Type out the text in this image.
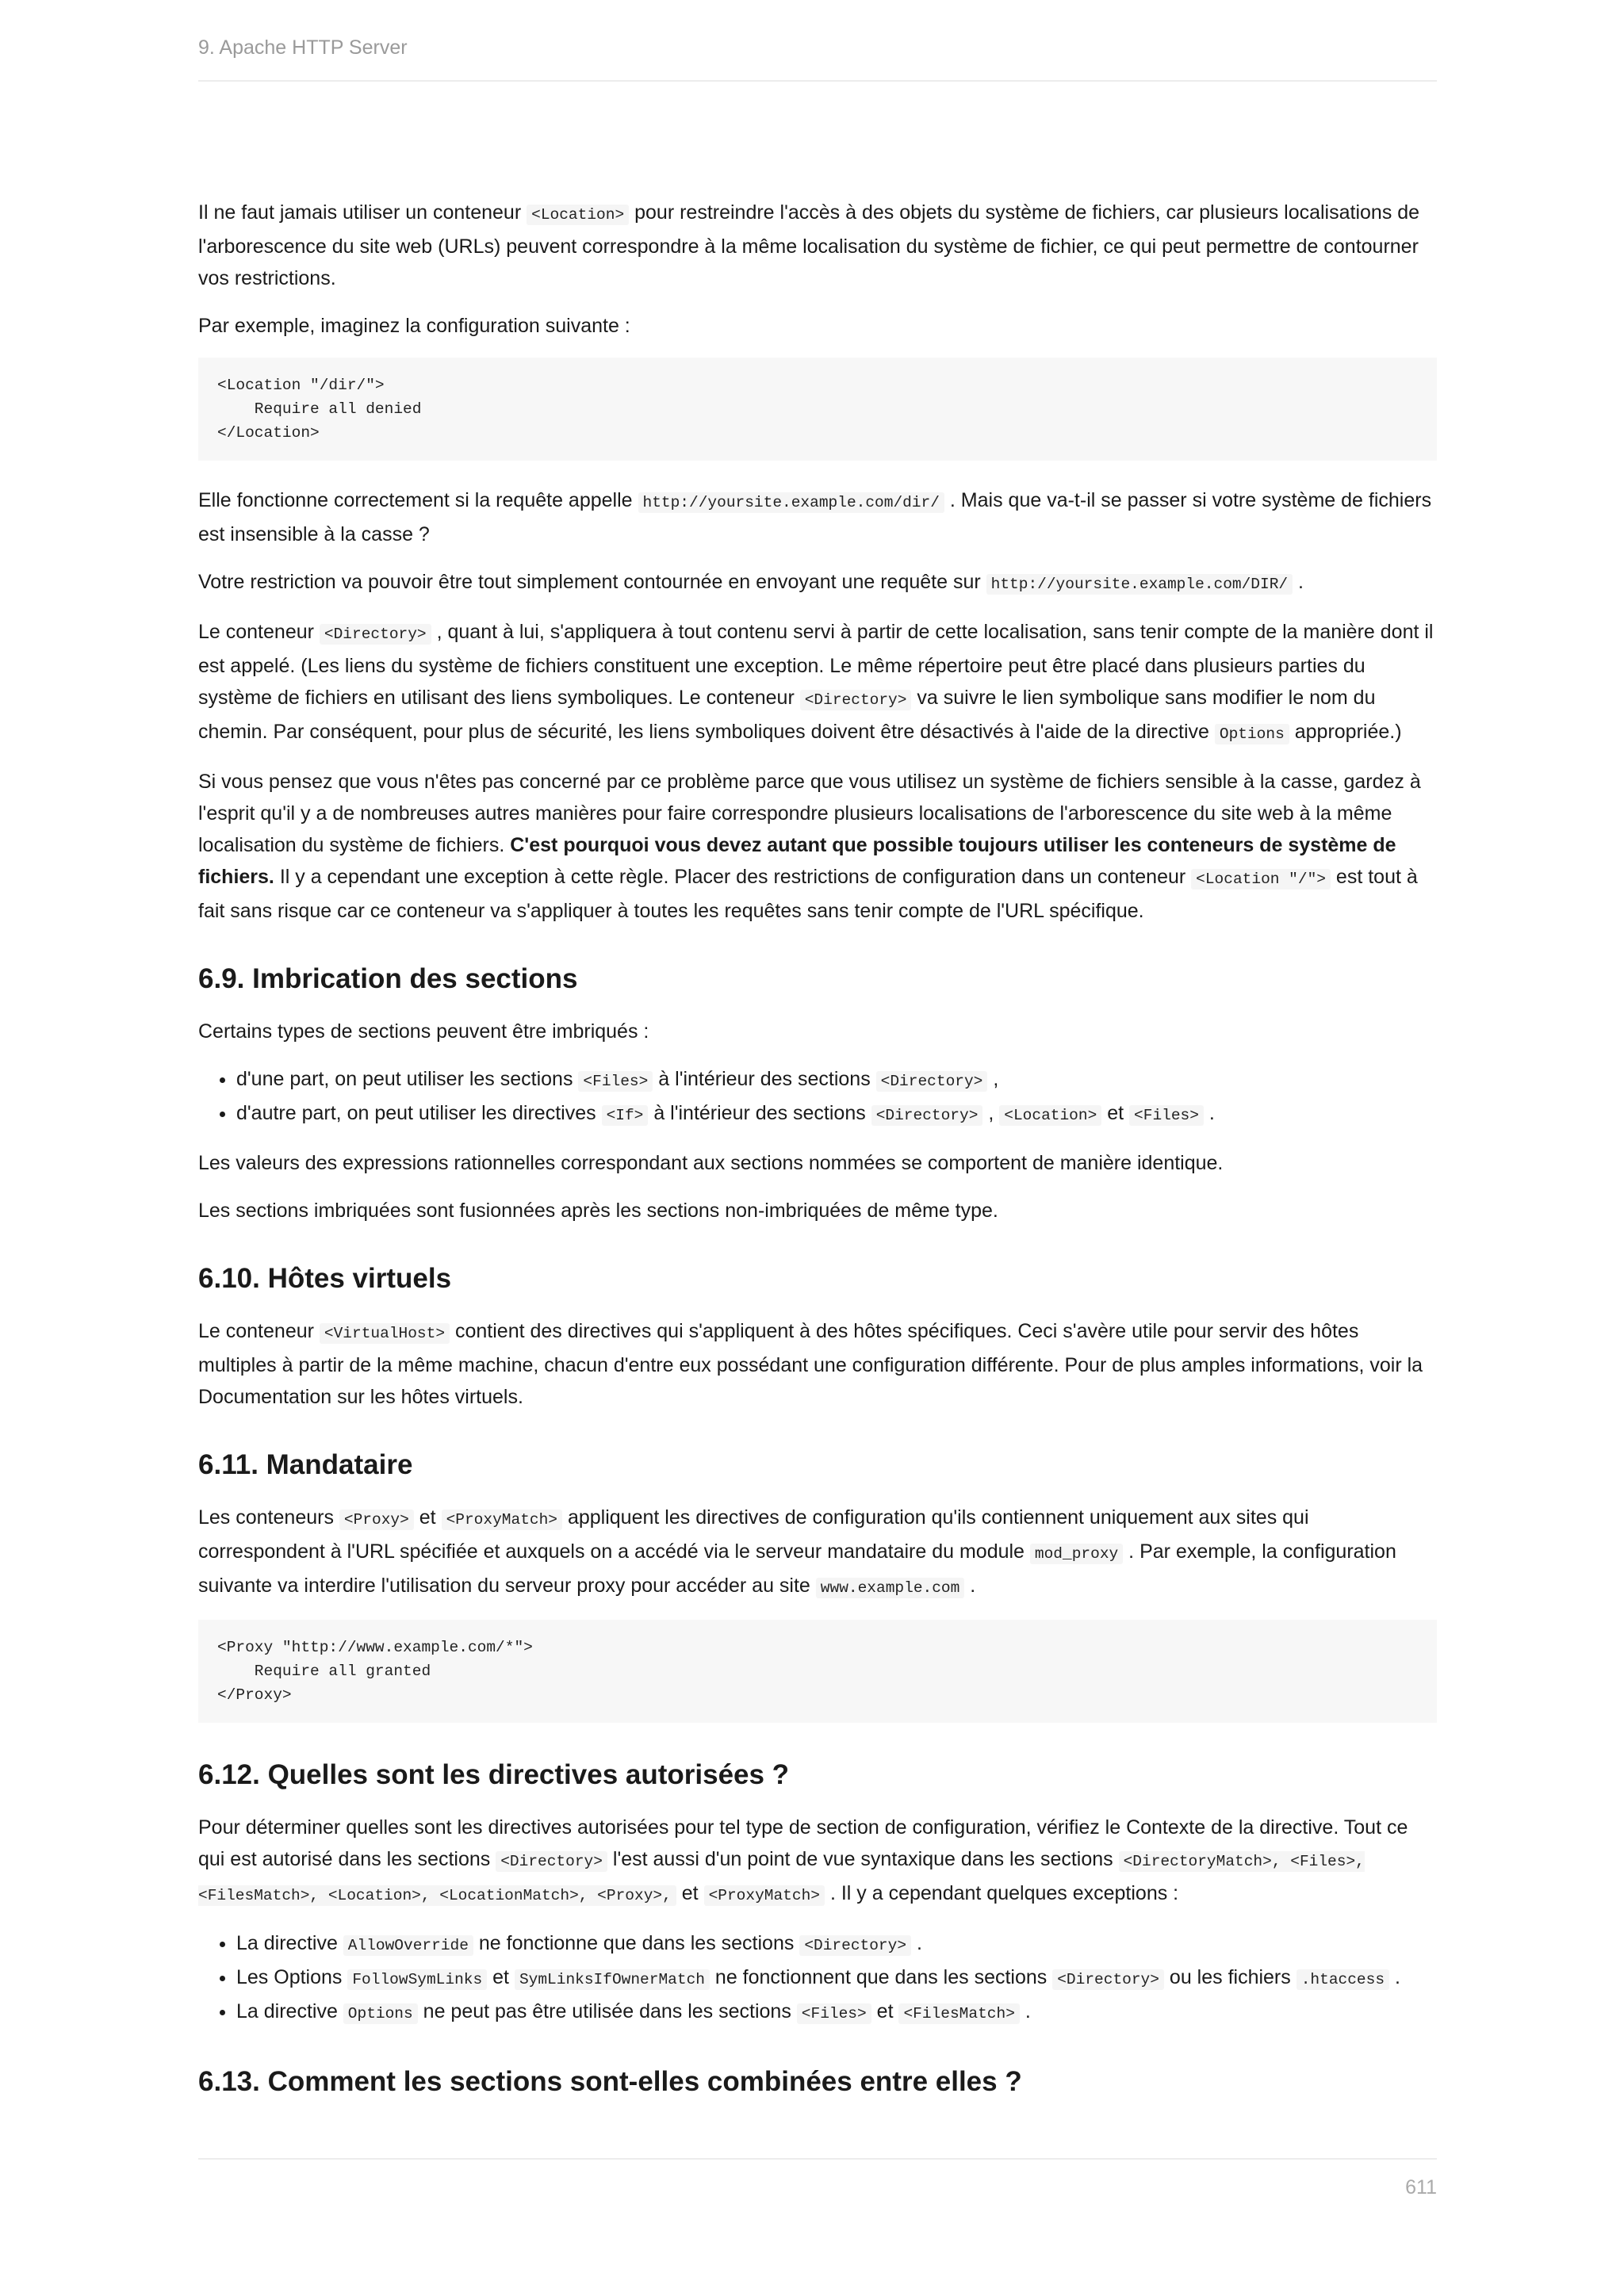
9. Apache HTTP Server

Il ne faut jamais utiliser un conteneur <Location> pour restreindre l'accès à des objets du système de fichiers, car plusieurs localisations de l'arborescence du site web (URLs) peuvent correspondre à la même localisation du système de fichier, ce qui peut permettre de contourner vos restrictions.

Par exemple, imaginez la configuration suivante :

<Location "/dir/">
Require all denied
</Location>

Elle fonctionne correctement si la requête appelle http://yoursite.example.com/dir/ . Mais que va-t-il se passer si votre système de fichiers est insensible à la casse ?

Votre restriction va pouvoir être tout simplement contournée en envoyant une requête sur http://yoursite.example.com/DIR/ .

Le conteneur <Directory> , quant à lui, s'appliquera à tout contenu servi à partir de cette localisation, sans tenir compte de la manière dont il est appelé. (Les liens du système de fichiers constituent une exception. Le même répertoire peut être placé dans plusieurs parties du système de fichiers en utilisant des liens symboliques. Le conteneur <Directory> va suivre le lien symbolique sans modifier le nom du chemin. Par conséquent, pour plus de sécurité, les liens symboliques doivent être désactivés à l'aide de la directive Options appropriée.)

Si vous pensez que vous n'êtes pas concerné par ce problème parce que vous utilisez un système de fichiers sensible à la casse, gardez à l'esprit qu'il y a de nombreuses autres manières pour faire correspondre plusieurs localisations de l'arborescence du site web à la même localisation du système de fichiers. C'est pourquoi vous devez autant que possible toujours utiliser les conteneurs de système de fichiers. Il y a cependant une exception à cette règle. Placer des restrictions de configuration dans un conteneur <Location "/"> est tout à fait sans risque car ce conteneur va s'appliquer à toutes les requêtes sans tenir compte de l'URL spécifique.

6.9. Imbrication des sections

Certains types de sections peuvent être imbriqués :

• d'une part, on peut utiliser les sections <Files> à l'intérieur des sections <Directory> ,
• d'autre part, on peut utiliser les directives <If> à l'intérieur des sections <Directory> , <Location> et <Files> .

Les valeurs des expressions rationnelles correspondant aux sections nommées se comportent de manière identique.

Les sections imbriquées sont fusionnées après les sections non-imbriquées de même type.

6.10. Hôtes virtuels

Le conteneur <VirtualHost> contient des directives qui s'appliquent à des hôtes spécifiques. Ceci s'avère utile pour servir des hôtes multiples à partir de la même machine, chacun d'entre eux possédant une configuration différente. Pour de plus amples informations, voir la Documentation sur les hôtes virtuels.

6.11. Mandataire

Les conteneurs <Proxy> et <ProxyMatch> appliquent les directives de configuration qu'ils contiennent uniquement aux sites qui correspondent à l'URL spécifiée et auxquels on a accédé via le serveur mandataire du module mod_proxy . Par exemple, la configuration suivante va interdire l'utilisation du serveur proxy pour accéder au site www.example.com .

<Proxy "http://www.example.com/*">
Require all granted
</Proxy>
6.12. Quelles sont les directives autorisées ?

Pour déterminer quelles sont les directives autorisées pour tel type de section de configuration, vérifiez le Contexte de la directive. Tout ce qui est autorisé dans les sections <Directory> l'est aussi d'un point de vue syntaxique dans les sections <DirectoryMatch>, <Files>, <FilesMatch>, <Location>, <LocationMatch>, <Proxy>, et <ProxyMatch> . Il y a cependant quelques exceptions :

• La directive AllowOverride ne fonctionne que dans les sections <Directory> .
• Les Options FollowSymLinks et SymLinksIfOwnerMatch ne fonctionnent que dans les sections <Directory> ou les fichiers .htaccess .
• La directive Options ne peut pas être utilisée dans les sections <Files> et <FilesMatch> .
6.13. Comment les sections sont-elles combinées entre elles ?
611
